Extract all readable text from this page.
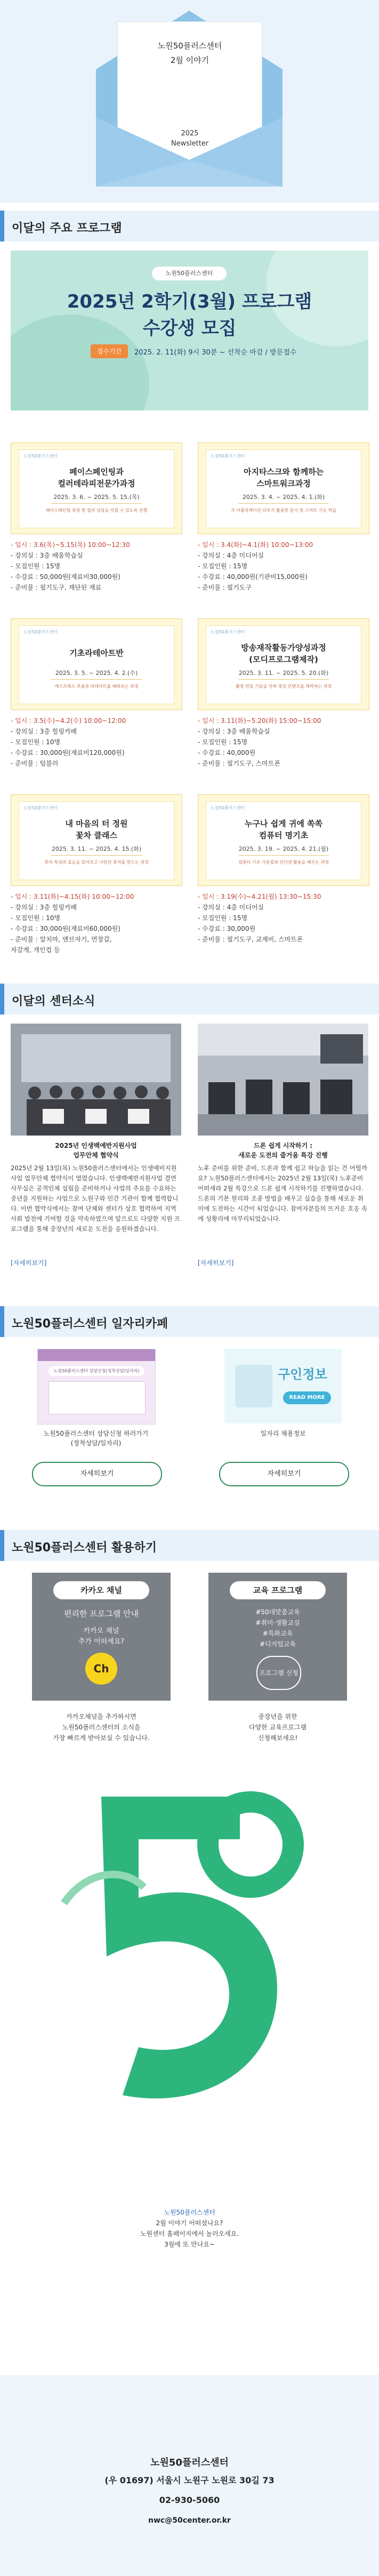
노원50플러스센터
2월 이야기
2025
Newsletter
이달의 주요 프로그램
노원50플러스센터
2025년 2학기(3월) 프로그램
수강생 모집
접수기간	2025. 2. 11(화) 9시 30분 ~ 선착순 마감 / 방문접수
노원50플러스센터
페이스페인팅과
컬러테라피전문가과정
2025. 3. 6. ~ 2025. 5. 15.(목)
페이스페인팅 과정 및 컬러 상담을 익힐 수 있도록 진행
- 일시 : 3.6(목)~5.15(목) 10:00~12:30
- 강의실 : 3층 배움학습실
- 모집인원 : 15명
- 수강료 : 50,000원(재료비30,000원)
- 준비물 : 필기도구, 재단된 재료
노원50플러스센터
아지타스크와 함께하는
스마트워크과정
2025. 3. 4. ~ 2025. 4. 1.(화)
각 어플리케이션 다루기 활용한 문서 및 스마트 기능 학습
- 일시 : 3.4(화)~4.1(화) 10:00~13:00
- 강의실 : 4층 미디어실
- 모집인원 : 15명
- 수강료 : 40,000원(기관비15,000원)
- 준비물 : 필기도구
노원50플러스센터
기초라테아트반
2025. 3. 5. ~ 2025. 4. 2.(수)
에스프레소 추출과 라테아트를 배워보는 과정
- 일시 : 3.5(수)~4.2(수) 10:00~12:00
- 강의실 : 3층 힐링카페
- 모집인원 : 10명
- 수강료 : 30,000원(재료비120,000원)
- 준비물 : 텀블러
노원50플러스센터
방송재작활동가양성과정
(모디프로그램제작)
2025. 3. 11. ~ 2025. 5. 20.(화)
촬영 편집 기술을 익혀 영상 콘텐츠를 제작하는 과정
- 일시 : 3.11(화)~5.20(화) 15:00~15:00
- 강의실 : 3층 배움학습실
- 모집인원 : 15명
- 수강료 : 40,000원
- 준비물 : 필기도구, 스마트폰
노원50플러스센터
내 마음의 터 정원
꽃차 클래스
2025. 3. 11. ~ 2025. 4. 15.(화)
꽃의 특성과 효능을 알아보고 나만의 꽃차를 만드는 과정
- 일시 : 3.11(화)~4.15(화) 10:00~12:00
- 강의실 : 3층 힐링카페
- 모집인원 : 10명
- 수강료 : 30,000원(재료비60,000원)
- 준비물 : 앞치마, 앤브자기, 면장갑,
자갈게, 개인컵 등
노원50플러스센터
누구나 쉽게 귀에 쏙쏙
컴퓨터 명기초
2025. 3. 19. ~ 2025. 4. 21.(월)
컴퓨터 기초 사용법과 인터넷 활용을 배우는 과정
- 일시 : 3.19(수)~4.21(월) 13:30~15:30
- 강의실 : 4층 미디어실
- 모집인원 : 15명
- 수강료 : 30,000원
- 준비물 : 필기도구, 교재비, 스마트폰
이달의 센터소식
2025년 인생백예반지원사업
업무안체 협약식
2025년 2월 13일(목) 노원50플러스센터에서는 인생예비지원사업 업무안체 협약식이 열렸습니다. 인생백예반지원사업 결연 사무실은 공적인체 설립을 준비하거나 사업의 주요를 수요하는 중년을 지원하는 사업으로 노원구와 민간 기관이 함께 협력합니다. 이번 협약식에서는 참여 단체와 센터가 상호 협력하여 지역 사회 발전에 기여할 것을 약속하였으며 앞으로도 다양한 지원 프로그램을 통해 중장년의 새로운 도전을 응원하겠습니다.
[자세히보기]
드론 쉽게 시작하기 :
새로운 도전의 즐거움 특강 진행
노후 준비를 위한 준비, 드론과 함께 쉽고 하늘을 읽는 건 어떨까요? 노원50플러스센터에서는 2025년 2월 13일(목) 노후준비 어떠세라 2월 특강으로 드론 쉽게 시작하기를 진행하였습니다. 드론의 기본 원리와 조종 방법을 배우고 실습을 통해 새로운 취미에 도전하는 시간이 되었습니다. 참여자분들의 뜨거운 호응 속에 성황리에 마무리되었습니다.
[자세히보기]
노원50플러스센터 일자리카페
노원50플러스센터 상담신청(정착상담/일자리)	구인정보
READ MORE
노원50플러스센터 상담신청 하러가기
(정착상담/일자리)
일자리 채용정보
자세히보기	자세히보기
노원50플러스센터 활용하기
카카오 채널
편리한 프로그램 안내
카카오 채널
추가 어떠세요?
Ch
교육 프로그램
#50대맞춤교육
#취미·생활교실
#특화교육
#디지털교육
프로그램 신청
카카오채널을 추가하시면
노원50플러스센터의 소식을
가장 빠르게 받아보실 수 있습니다.
중장년을 위한
다양한 교육프로그램
신청해보세요!
노원50플러스센터
2월 이야기 어떠셨나요?
노원센터 홈페이지에서 놀러오세요.
3월에 또 만나요~
노원50플러스센터
(우 01697) 서울시 노원구 노원로 30길 73
02-930-5060
nwc@50center.or.kr
